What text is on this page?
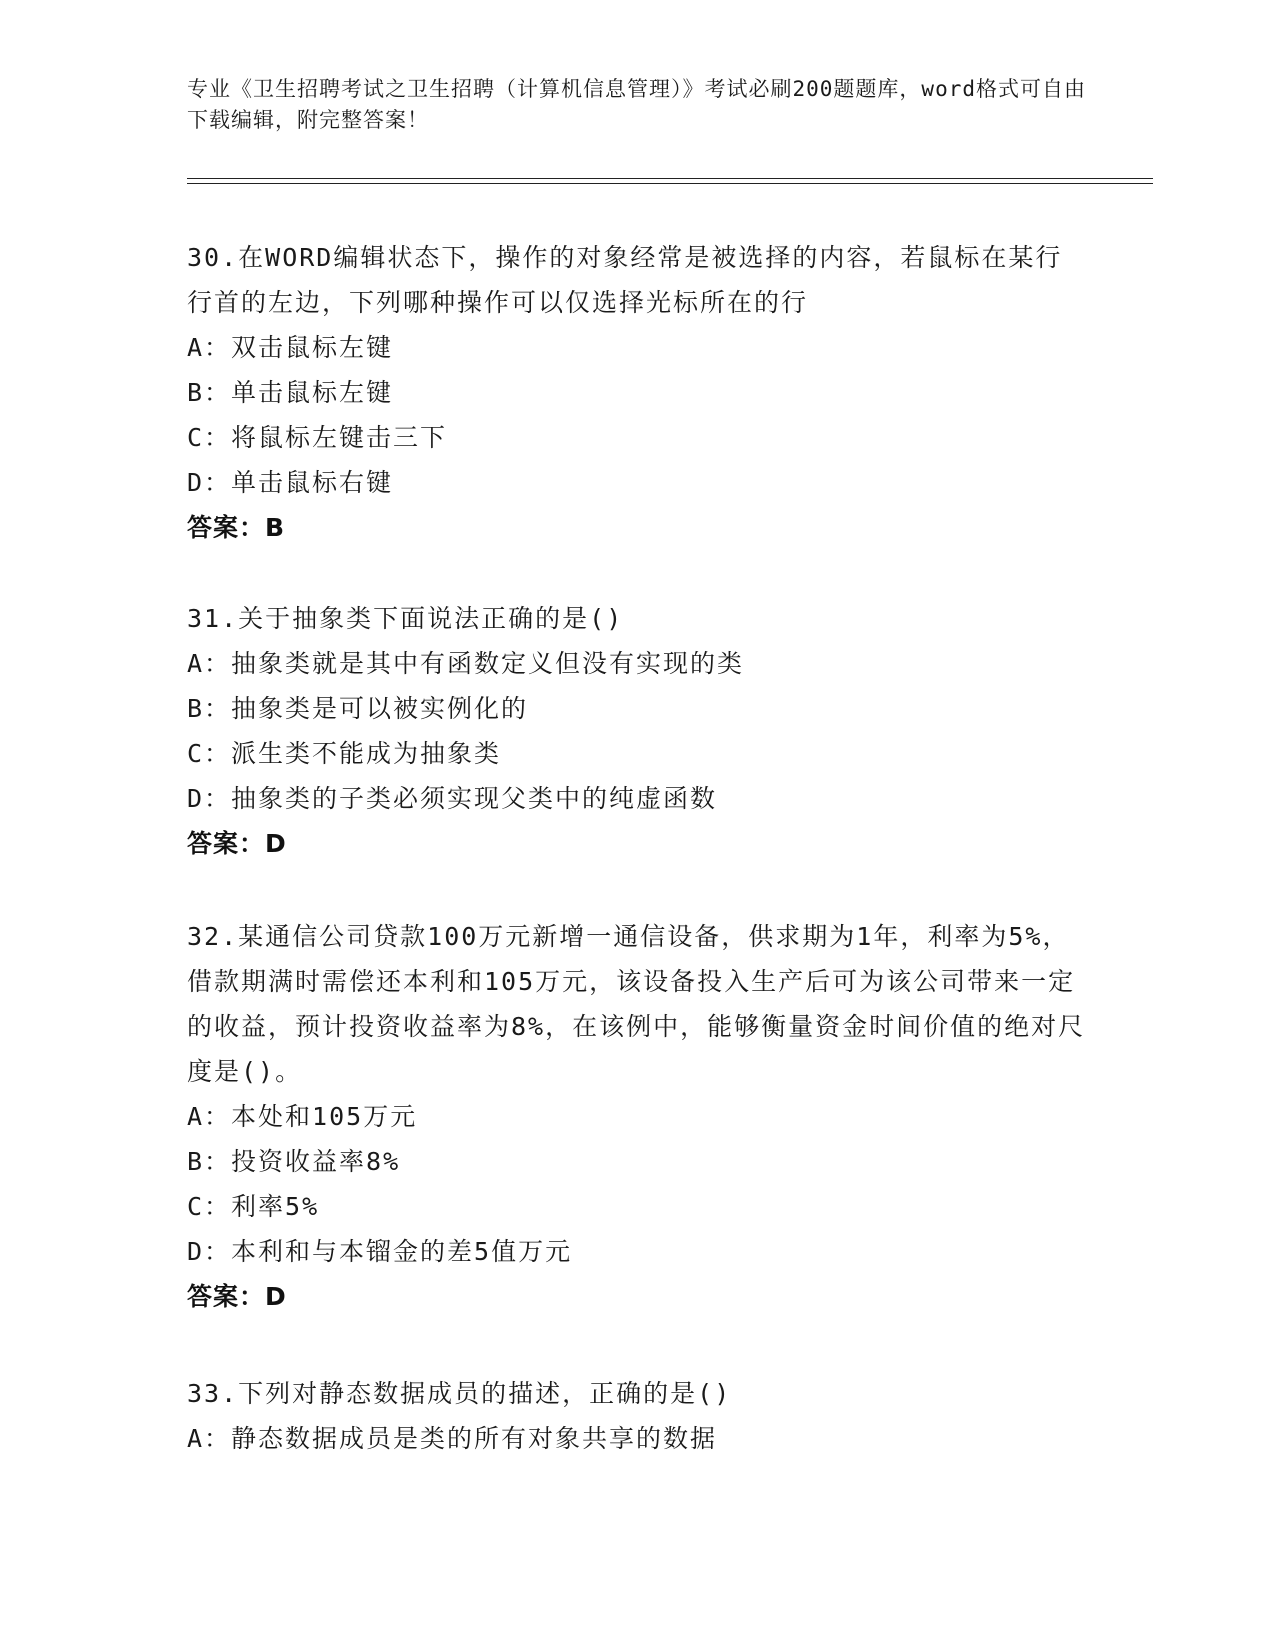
专业《卫生招聘考试之卫生招聘（计算机信息管理）》考试必刷200题题库，word格式可自由下载编辑，附完整答案！
30.在WORD编辑状态下，操作的对象经常是被选择的内容，若鼠标在某行行首的左边，下列哪种操作可以仅选择光标所在的行
A：双击鼠标左键
B：单击鼠标左键
C：将鼠标左键击三下
D：单击鼠标右键
答案：B
31.关于抽象类下面说法正确的是()
A：抽象类就是其中有函数定义但没有实现的类
B：抽象类是可以被实例化的
C：派生类不能成为抽象类
D：抽象类的子类必须实现父类中的纯虚函数
答案：D
32.某通信公司贷款100万元新增一通信设备，供求期为1年，利率为5%，借款期满时需偿还本利和105万元，该设备投入生产后可为该公司带来一定的收益，预计投资收益率为8%，在该例中，能够衡量资金时间价值的绝对尺度是()。
A：本处和105万元
B：投资收益率8%
C：利率5%
D：本利和与本镏金的差5值万元
答案：D
33.下列对静态数据成员的描述，正确的是()
A：静态数据成员是类的所有对象共享的数据
